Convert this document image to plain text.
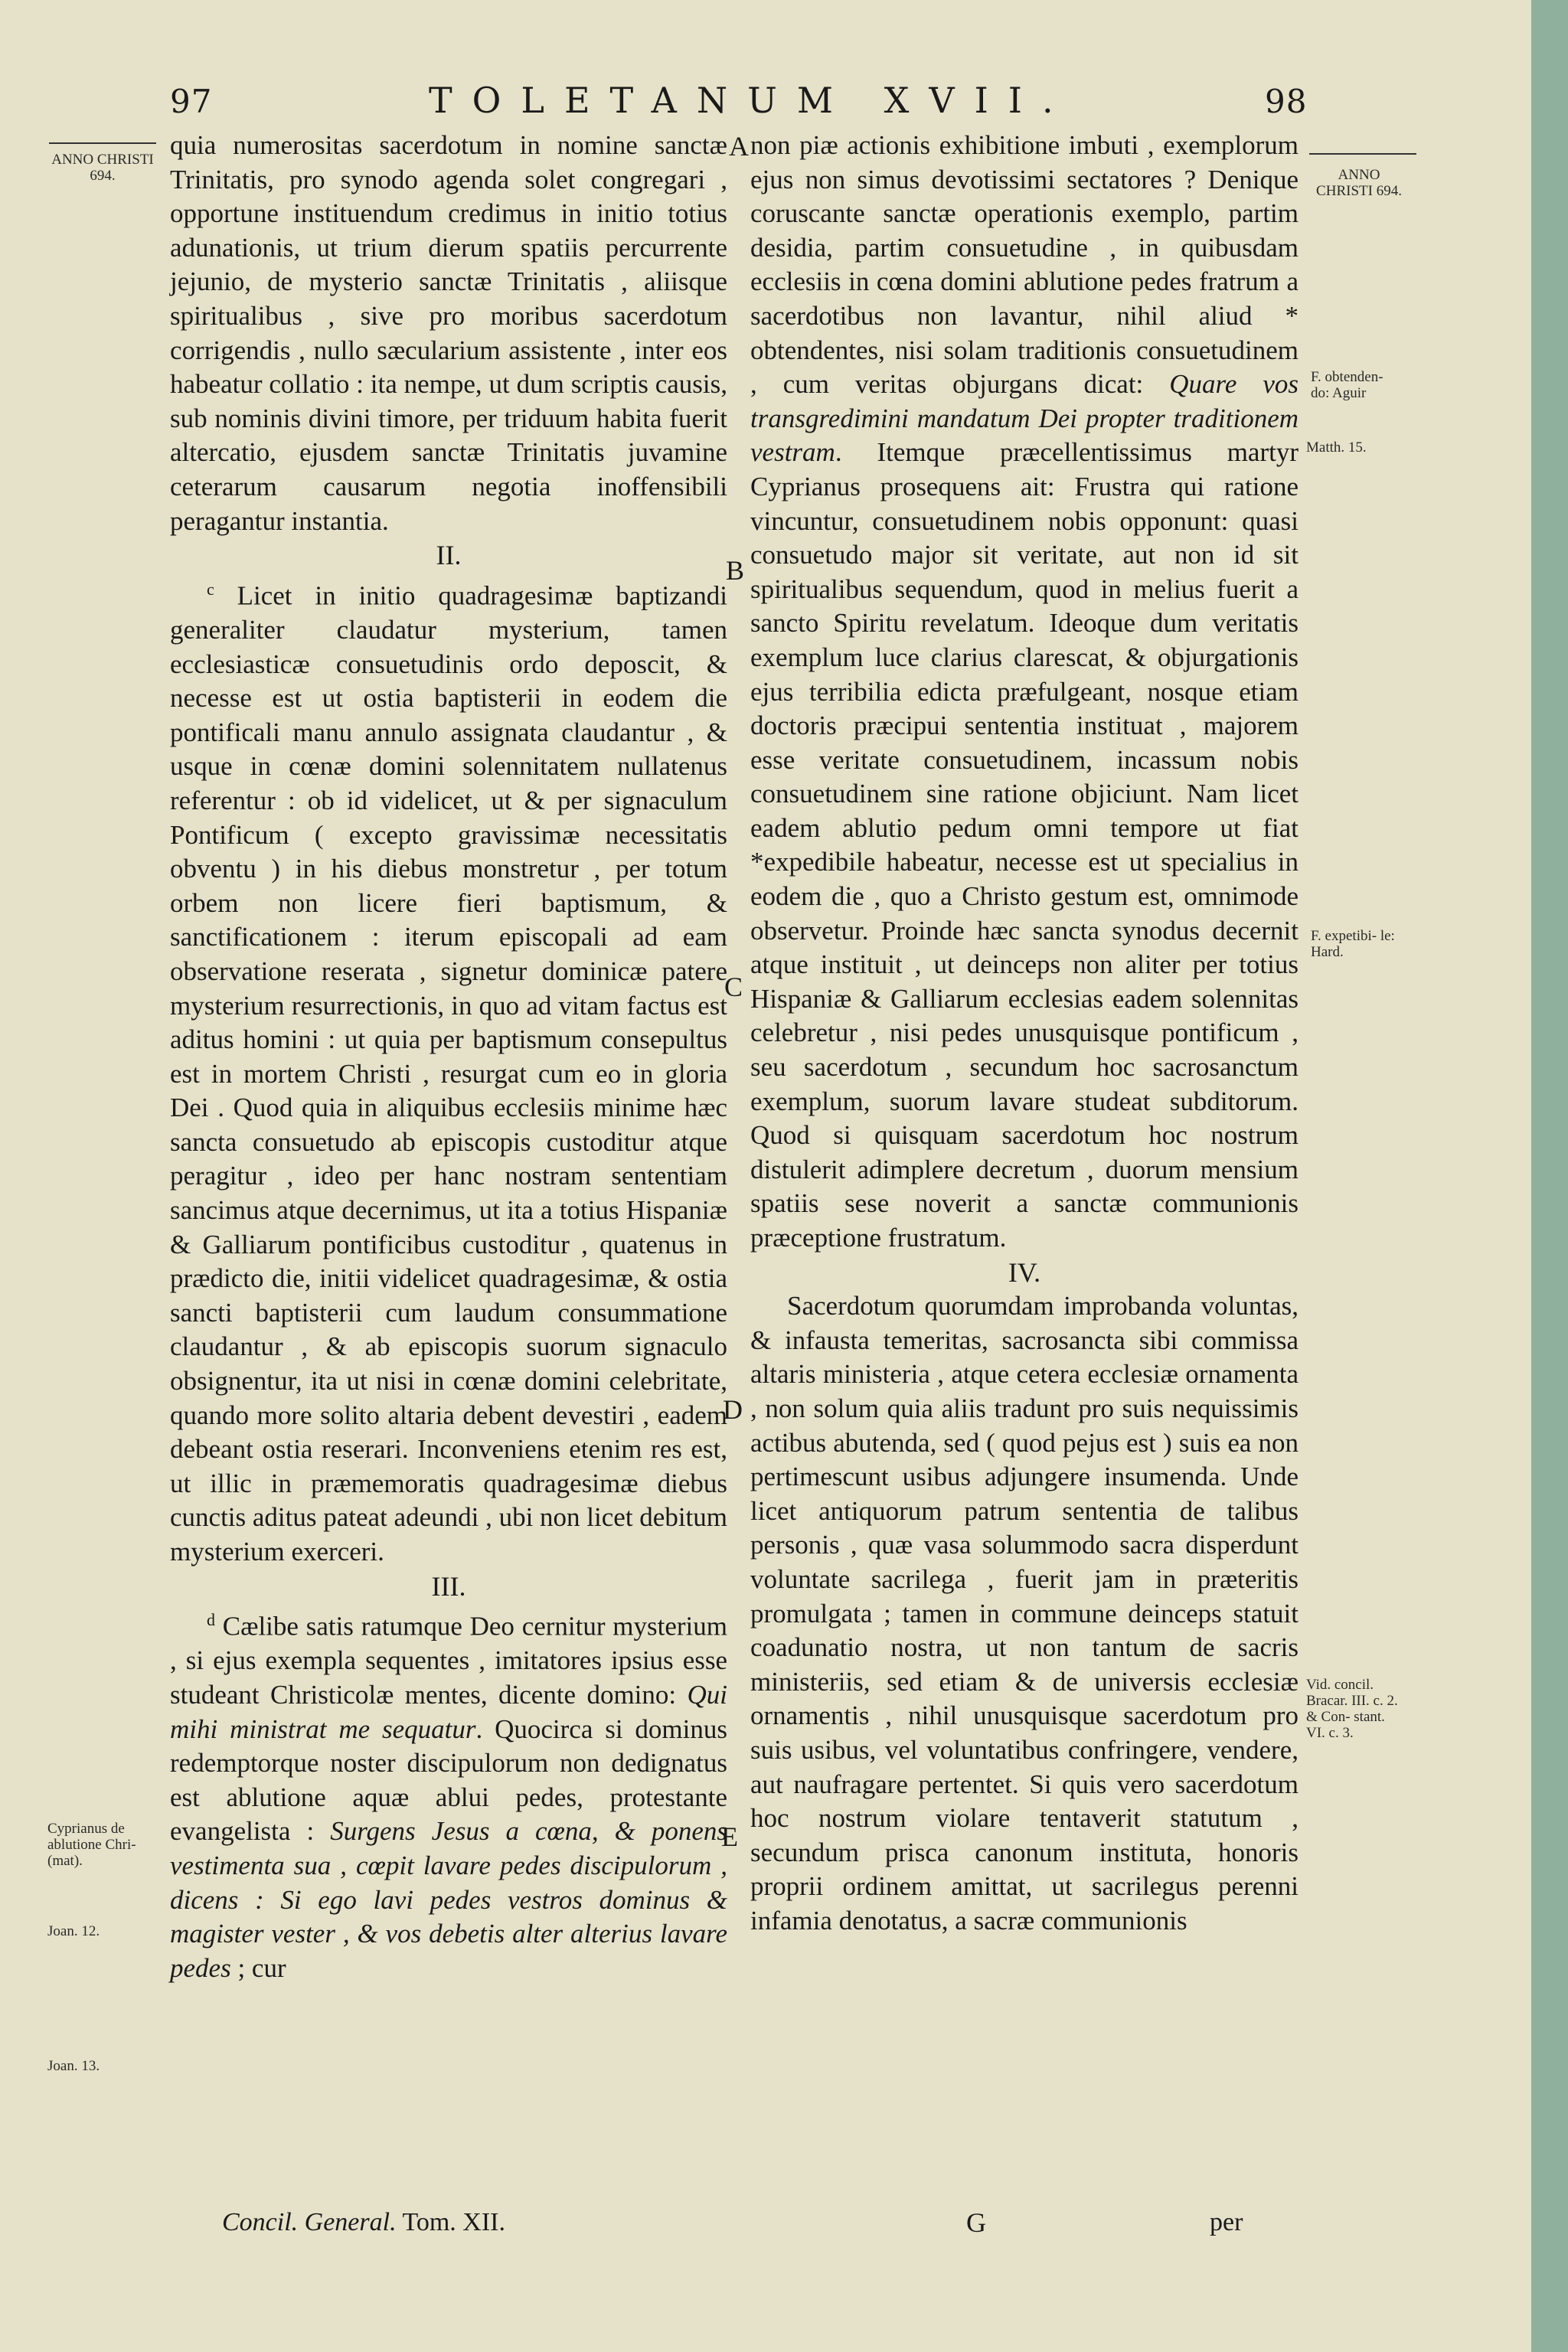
97	TOLETANUM XVII.	98
ANNO CHRISTI 694.	ANNO CHRISTI 694.
F. obtenden- do: Aguir
Matth. 15.
F. expetibi- le: Hard.
Vid. concil. Bracar. III. c. 2. & Con- stant. VI. c. 3.
Cyprianus de ablutione Chri- (mat).
Joan. 12.
Joan. 13.
A
B
C
D
E

quia numerositas sacerdotum in nomine sanctæ Trinitatis, pro synodo agenda solet congregari , opportune instituendum credimus in initio totius adunationis, ut trium dierum spatiis percurrente jejunio, de mysterio sanctæ Trinitatis , aliisque spiritualibus , sive pro moribus sacerdotum corrigendis , nullo sæcularium assistente , inter eos habeatur collatio : ita nempe, ut dum scriptis causis, sub nominis divini timore, per triduum habita fuerit altercatio, ejusdem sanctæ Trinitatis juvamine ceterarum causarum negotia inoffensibili peragantur instantia.

II.

$^c$ Licet in initio quadragesimæ baptizandi generaliter claudatur mysterium, tamen ecclesiasticæ consuetudinis ordo deposcit, & necesse est ut ostia baptisterii in eodem die pontificali manu annulo assignata claudantur , & usque in cœnæ domini solennitatem nullatenus referentur : ob id videlicet, ut & per signaculum Pontificum ( excepto gravissimæ necessitatis obventu ) in his diebus monstretur , per totum orbem non licere fieri baptismum, & sanctificationem : iterum episcopali ad eam observatione reserata , signetur dominicæ patere mysterium resurrectionis, in quo ad vitam factus est aditus homini : ut quia per baptismum consepultus est in mortem Christi , resurgat cum eo in gloria Dei . Quod quia in aliquibus ecclesiis minime hæc sancta consuetudo ab episcopis custoditur atque peragitur , ideo per hanc nostram sententiam sancimus atque decernimus, ut ita a totius Hispaniæ & Galliarum pontificibus custoditur , quatenus in prædicto die, initii videlicet quadragesimæ, & ostia sancti baptisterii cum laudum consummatione claudantur , & ab episcopis suorum signaculo obsignentur, ita ut nisi in cœnæ domini celebritate, quando more solito altaria debent devestiri , eadem debeant ostia reserari. Inconveniens etenim res est, ut illic in præmemoratis quadragesimæ diebus cunctis aditus pateat adeundi , ubi non licet debitum mysterium exerceri.

III.

$^d$ Cælibe satis ratumque Deo cernitur mysterium , si ejus exempla sequentes , imitatores ipsius esse studeant Christicolæ mentes, dicente domino: Qui mihi ministrat me sequatur. Quocirca si dominus redemptorque noster discipulorum non dedignatus est ablutione aquæ ablui pedes, protestante evangelista : Surgens Jesus a cœna, & ponens vestimenta sua , cœpit lavare pedes discipulorum , dicens : Si ego lavi pedes vestros dominus & magister vester , & vos debetis alter alterius lavare pedes ; cur

non piæ actionis exhibitione imbuti , exemplorum ejus non simus devotissimi sectatores ? Denique coruscante sanctæ operationis exemplo, partim desidia, partim consuetudine , in quibusdam ecclesiis in cœna domini ablutione pedes fratrum a sacerdotibus non lavantur, nihil aliud * obtendentes, nisi solam traditionis consuetudinem , cum veritas objurgans dicat: Quare vos transgredimini mandatum Dei propter traditionem vestram. Itemque præcellentissimus martyr Cyprianus prosequens ait: Frustra qui ratione vincuntur, consuetudinem nobis opponunt: quasi consuetudo major sit veritate, aut non id sit spiritualibus sequendum, quod in melius fuerit a sancto Spiritu revelatum. Ideoque dum veritatis exemplum luce clarius clarescat, & objurgationis ejus terribilia edicta præfulgeant, nosque etiam doctoris præcipui sententia instituat , majorem esse veritate consuetudinem, incassum nobis consuetudinem sine ratione objiciunt. Nam licet eadem ablutio pedum omni tempore ut fiat *expedibile habeatur, necesse est ut specialius in eodem die , quo a Christo gestum est, omnimode observetur. Proinde hæc sancta synodus decernit atque instituit , ut deinceps non aliter per totius Hispaniæ & Galliarum ecclesias eadem solennitas celebretur , nisi pedes unusquisque pontificum , seu sacerdotum , secundum hoc sacrosanctum exemplum, suorum lavare studeat subditorum. Quod si quisquam sacerdotum hoc nostrum distulerit adimplere decretum , duorum mensium spatiis sese noverit a sanctæ communionis præceptione frustratum.

IV.

Sacerdotum quorumdam improbanda voluntas, & infausta temeritas, sacrosancta sibi commissa altaris ministeria , atque cetera ecclesiæ ornamenta , non solum quia aliis tradunt pro suis nequissimis actibus abutenda, sed ( quod pejus est ) suis ea non pertimescunt usibus adjungere insumenda. Unde licet antiquorum patrum sententia de talibus personis , quæ vasa solummodo sacra disperdunt voluntate sacrilega , fuerit jam in præteritis promulgata ; tamen in commune deinceps statuit coadunatio nostra, ut non tantum de sacris ministeriis, sed etiam & de universis ecclesiæ ornamentis , nihil unusquisque sacerdotum pro suis usibus, vel voluntatibus confringere, vendere, aut naufragare pertentet. Si quis vero sacerdotum hoc nostrum violare tentaverit statutum , secundum prisca canonum instituta, honoris proprii ordinem amittat, ut sacrilegus perenni infamia denotatus, a sacræ communionis

Concil. General. Tom. XII.	G	per
